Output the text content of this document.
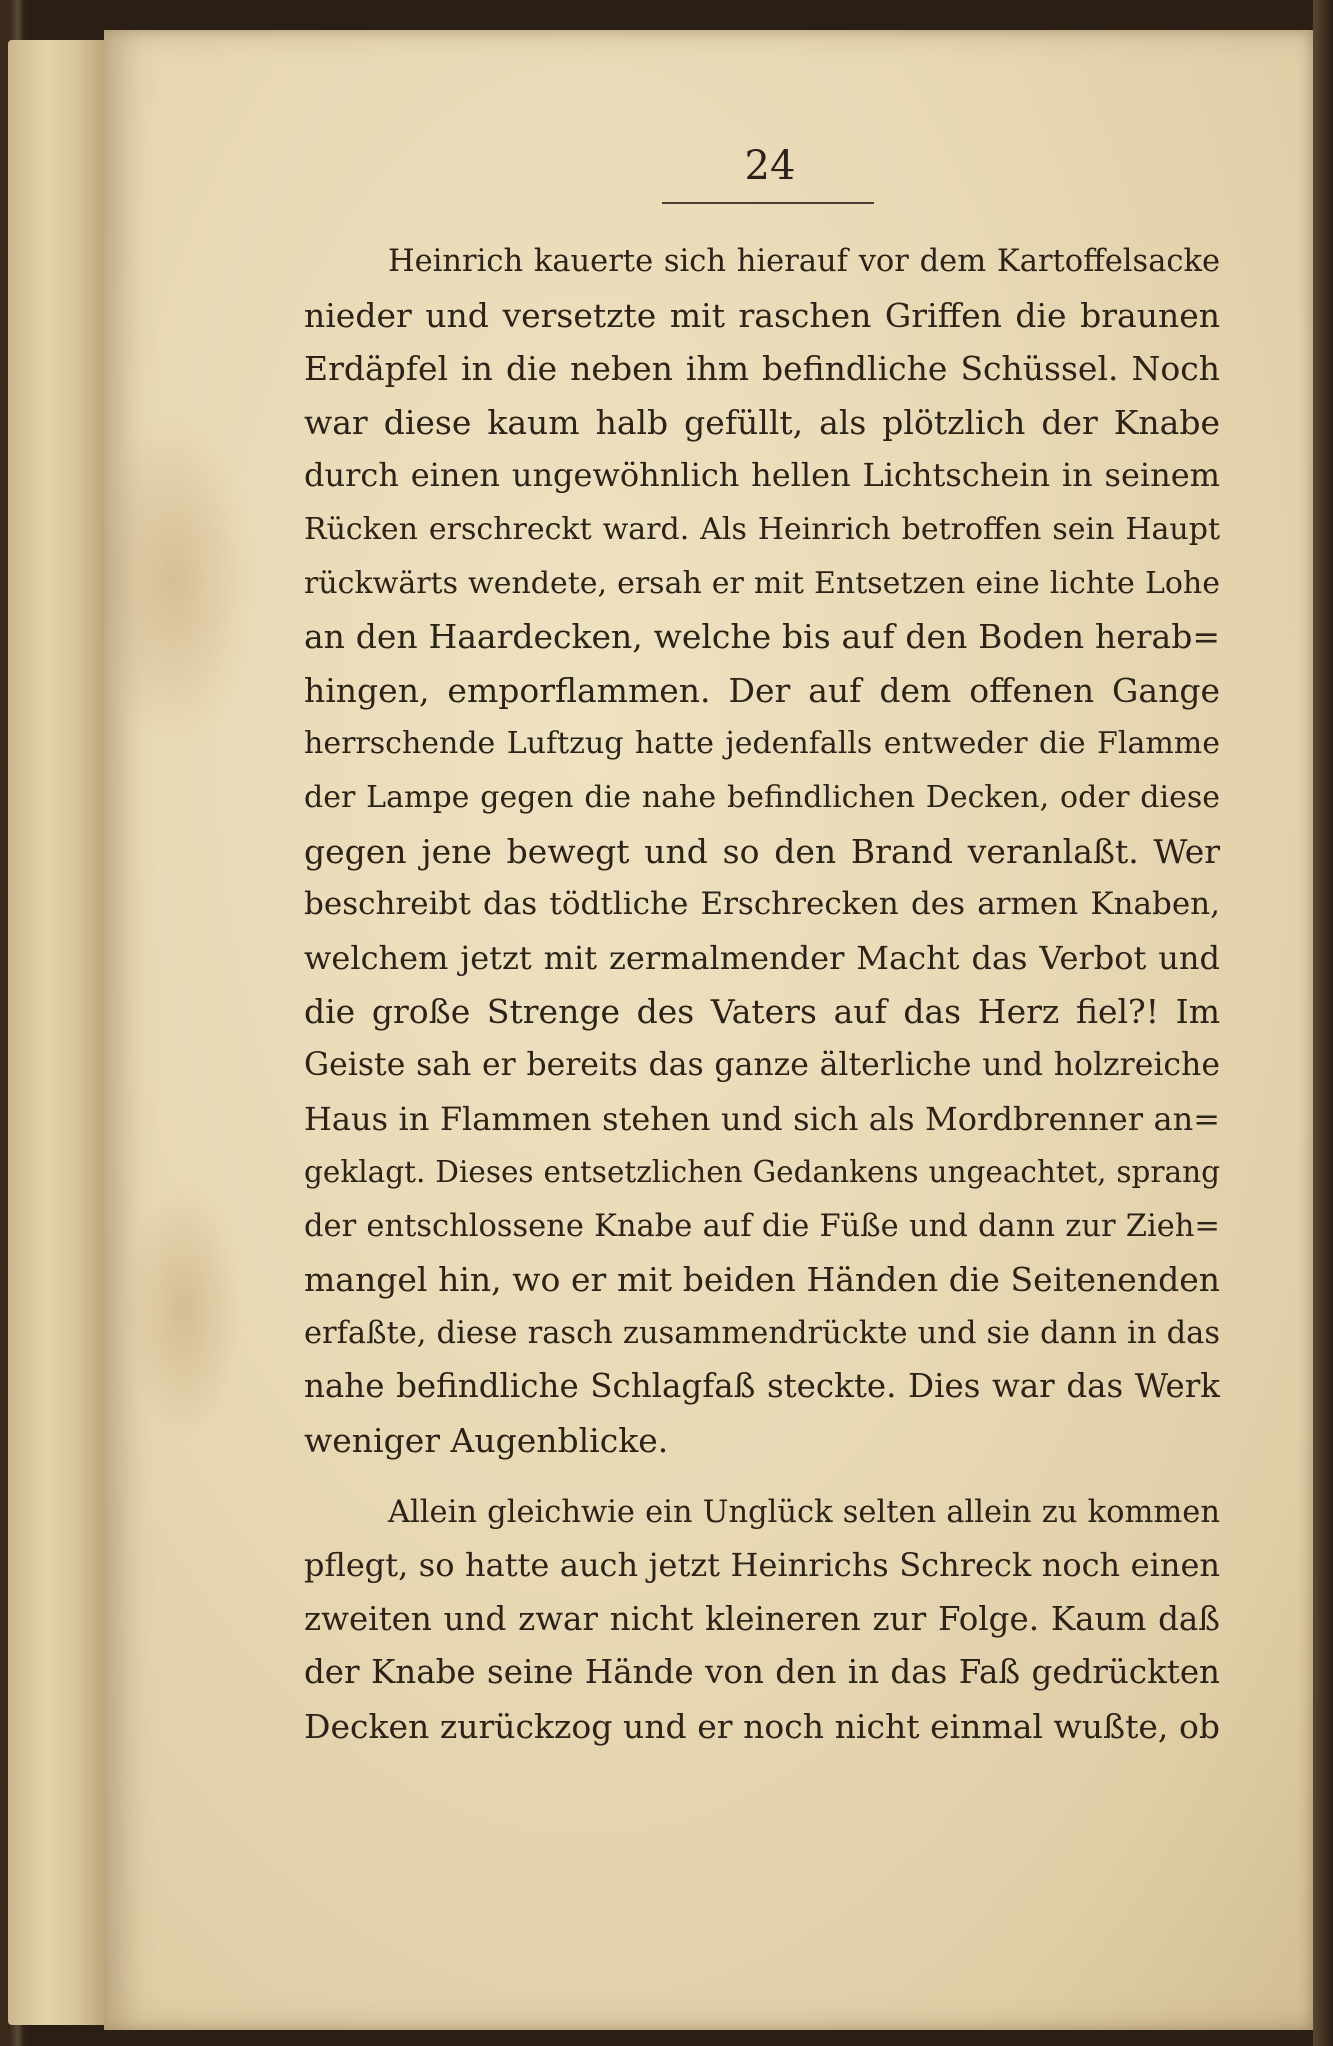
24
Heinrich kauerte sich hierauf vor dem Kartoffelsacke
nieder und versetzte mit raschen Griffen die braunen
Erdäpfel in die neben ihm befindliche Schüssel. Noch
war diese kaum halb gefüllt, als plötzlich der Knabe
durch einen ungewöhnlich hellen Lichtschein in seinem
Rücken erschreckt ward. Als Heinrich betroffen sein Haupt
rückwärts wendete, ersah er mit Entsetzen eine lichte Lohe
an den Haardecken, welche bis auf den Boden herab=
hingen, emporflammen. Der auf dem offenen Gange
herrschende Luftzug hatte jedenfalls entweder die Flamme
der Lampe gegen die nahe befindlichen Decken, oder diese
gegen jene bewegt und so den Brand veranlaßt. Wer
beschreibt das tödtliche Erschrecken des armen Knaben,
welchem jetzt mit zermalmender Macht das Verbot und
die große Strenge des Vaters auf das Herz fiel?! Im
Geiste sah er bereits das ganze älterliche und holzreiche
Haus in Flammen stehen und sich als Mordbrenner an=
geklagt. Dieses entsetzlichen Gedankens ungeachtet, sprang
der entschlossene Knabe auf die Füße und dann zur Zieh=
mangel hin, wo er mit beiden Händen die Seitenenden
erfaßte, diese rasch zusammendrückte und sie dann in das
nahe befindliche Schlagfaß steckte. Dies war das Werk
weniger Augenblicke.
Allein gleichwie ein Unglück selten allein zu kommen
pflegt, so hatte auch jetzt Heinrichs Schreck noch einen
zweiten und zwar nicht kleineren zur Folge. Kaum daß
der Knabe seine Hände von den in das Faß gedrückten
Decken zurückzog und er noch nicht einmal wußte, ob
